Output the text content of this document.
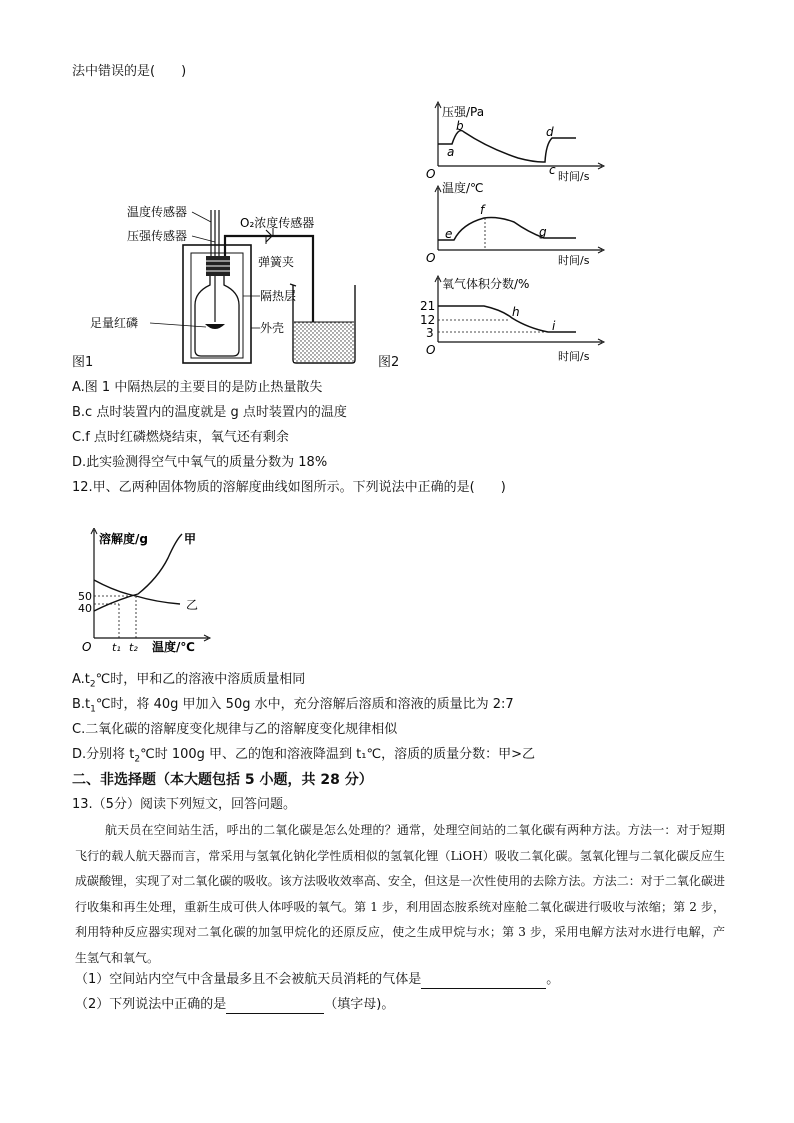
法中错误的是(　　)
温度传感器
压强传感器
O₂浓度传感器
弹簧夹
足量红磷
隔热层
外壳
图1
压强/Pa
O	时间/s
a
b
c
d
温度/℃
O	时间/s
e
f
g
氧气体积分数/%
21
12
3
O	时间/s
h
i
图2
A.图 1 中隔热层的主要目的是防止热量散失
B.c 点时装置内的温度就是 g 点时装置内的温度
C.f 点时红磷燃烧结束，氧气还有剩余
D.此实验测得空气中氧气的质量分数为 18%
12.甲、乙两种固体物质的溶解度曲线如图所示。下列说法中正确的是(　　)
溶解度/g	甲
乙
50
40
O t₁ t₂ 温度/℃
$A.t_2℃$时，甲和乙的溶液中溶质质量相同
$B.t_1℃$时，将 40g 甲加入 50g 水中，充分溶解后溶质和溶液的质量比为 2:7
C.二氧化碳的溶解度变化规律与乙的溶解度变化规律相似
D.分别将 $t_2℃$时 100g 甲、乙的饱和溶液降温到 t₁℃，溶质的质量分数：甲>乙
二、非选择题（本大题包括 5 小题，共 28 分）
13.（5分）阅读下列短文，回答问题。
航天员在空间站生活，呼出的二氧化碳是怎么处理的？通常，处理空间站的二氧化碳有两种方法。方法一：对于短期飞行的载人航天器而言，常采用与氢氧化钠化学性质相似的氢氧化锂（LiOH）吸收二氧化碳。氢氧化锂与二氧化碳反应生成碳酸锂，实现了对二氧化碳的吸收。该方法吸收效率高、安全，但这是一次性使用的去除方法。方法二：对于二氧化碳进行收集和再生处理，重新生成可供人体呼吸的氧气。第 1 步，利用固态胺系统对座舱二氧化碳进行吸收与浓缩；第 2 步，利用特种反应器实现对二氧化碳的加氢甲烷化的还原反应，使之生成甲烷与水；第 3 步，采用电解方法对水进行电解，产生氢气和氧气。
（1）空间站内空气中含量最多且不会被航天员消耗的气体是	。
（2）下列说法中正确的是	（填字母)。
